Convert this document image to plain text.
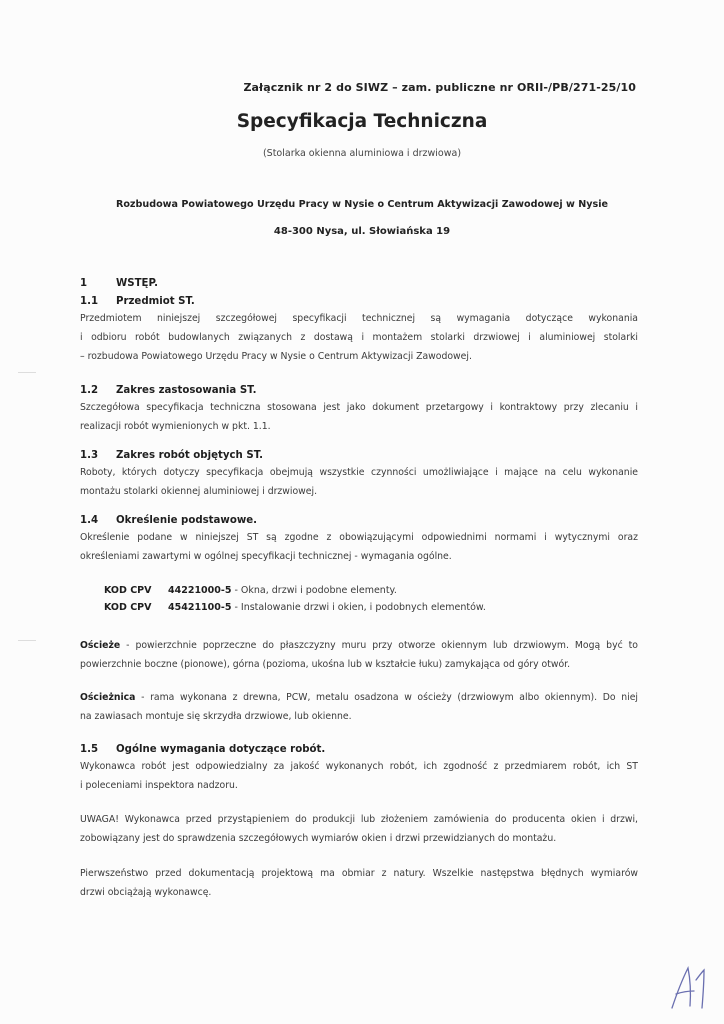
Załącznik nr 2 do SIWZ – zam. publiczne nr ORII-/PB/271-25/10
Specyfikacja Techniczna
(Stolarka okienna aluminiowa i drzwiowa)
Rozbudowa Powiatowego Urzędu Pracy w Nysie o Centrum Aktywizacji Zawodowej w Nysie
48-300 Nysa, ul. Słowiańska 19
1	WSTĘP.
1.1 Przedmiot ST.
Przedmiotem niniejszej szczegółowej specyfikacji technicznej są wymagania dotyczące wykonania
i odbioru robót budowlanych związanych z dostawą i montażem stolarki drzwiowej i aluminiowej stolarki
– rozbudowa Powiatowego Urzędu Pracy w Nysie o Centrum Aktywizacji Zawodowej.
1.2 Zakres zastosowania ST.
Szczegółowa specyfikacja techniczna stosowana jest jako dokument przetargowy i kontraktowy przy zlecaniu i
realizacji robót wymienionych w pkt. 1.1.
1.3 Zakres robót objętych ST.
Roboty, których dotyczy specyfikacja obejmują wszystkie czynności umożliwiające i mające na celu wykonanie
montażu stolarki okiennej aluminiowej i drzwiowej.
1.4 Określenie podstawowe.
Określenie podane w niniejszej ST są zgodne z obowiązującymi odpowiednimi normami i wytycznymi oraz
określeniami zawartymi w ogólnej specyfikacji technicznej - wymagania ogólne.
KOD CPV 44221000-5 - Okna, drzwi i podobne elementy.
KOD CPV 45421100-5 - Instalowanie drzwi i okien, i podobnych elementów.
Ościeże - powierzchnie poprzeczne do płaszczyzny muru przy otworze okiennym lub drzwiowym. Mogą być to
powierzchnie boczne (pionowe), górna (pozioma, ukośna lub w kształcie łuku) zamykająca od góry otwór.
Ościeżnica - rama wykonana z drewna, PCW, metalu osadzona w ościeży (drzwiowym albo okiennym). Do niej
na zawiasach montuje się skrzydła drzwiowe, lub okienne.
1.5 Ogólne wymagania dotyczące robót.
Wykonawca robót jest odpowiedzialny za jakość wykonanych robót, ich zgodność z przedmiarem robót, ich ST
i poleceniami inspektora nadzoru.
UWAGA! Wykonawca przed przystąpieniem do produkcji lub złożeniem zamówienia do producenta okien i drzwi,
zobowiązany jest do sprawdzenia szczegółowych wymiarów okien i drzwi przewidzianych do montażu.
Pierwszeństwo przed dokumentacją projektową ma obmiar z natury. Wszelkie następstwa błędnych wymiarów
drzwi obciążają wykonawcę.
